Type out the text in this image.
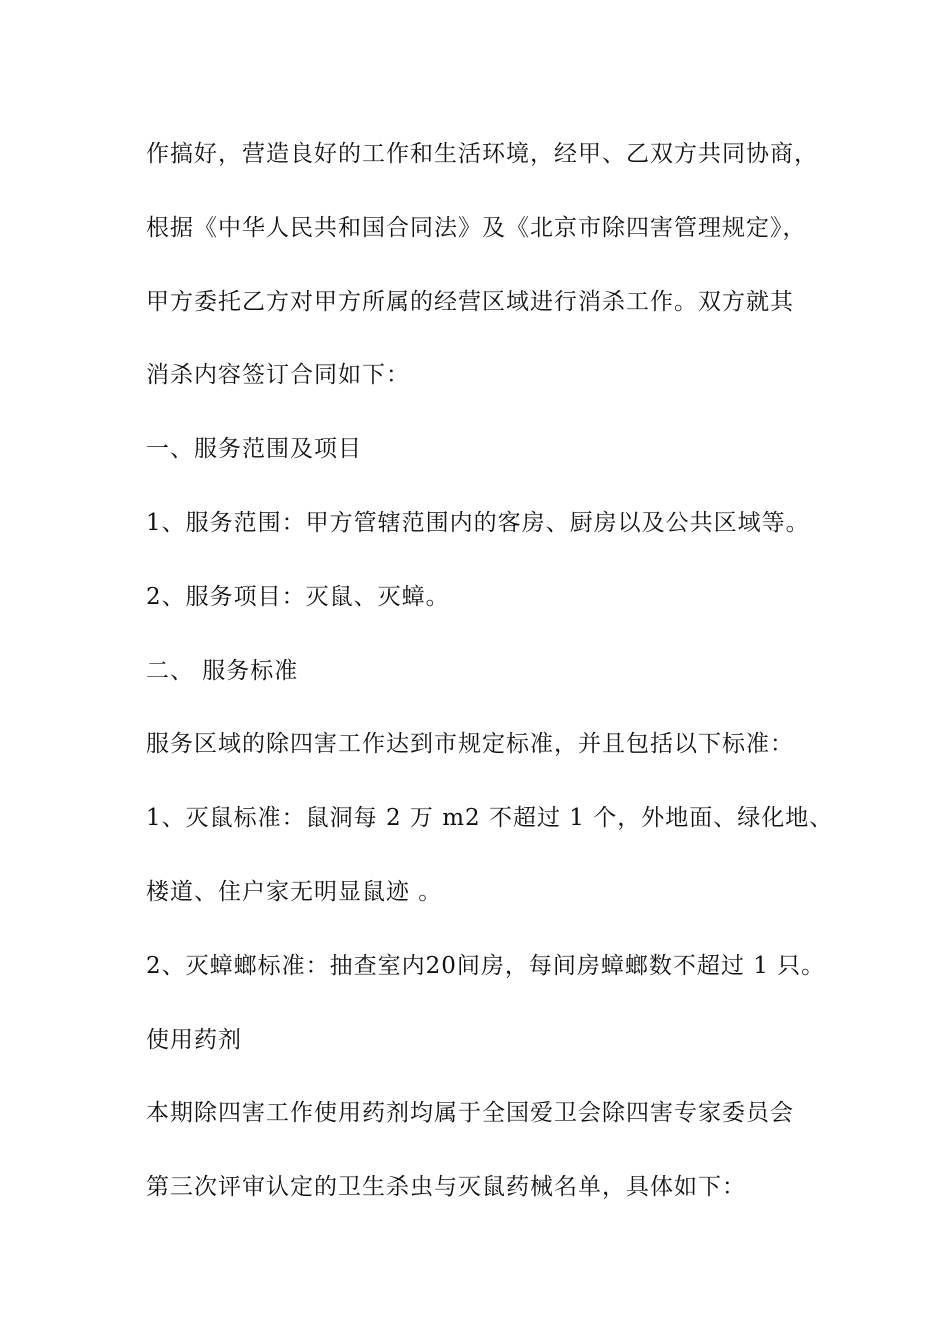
作搞好，营造良好的工作和生活环境，经甲、乙双方共同协商，
根据《中华人民共和国合同法》及《北京市除四害管理规定》，
甲方委托乙方对甲方所属的经营区域进行消杀工作。双方就其
消杀内容签订合同如下：
一、服务范围及项目
1、服务范围：甲方管辖范围内的客房、厨房以及公共区域等。
2、服务项目：灭鼠、灭蟑。
二、 服务标准
服务区域的除四害工作达到市规定标准，并且包括以下标准：
1、灭鼠标准：鼠洞每 2 万 m2 不超过 1 个，外地面、绿化地、
楼道、住户家无明显鼠迹 。
2、灭蟑螂标准：抽查室内20间房，每间房蟑螂数不超过 1 只。
使用药剂
本期除四害工作使用药剂均属于全国爱卫会除四害专家委员会
第三次评审认定的卫生杀虫与灭鼠药械名单，具体如下：
